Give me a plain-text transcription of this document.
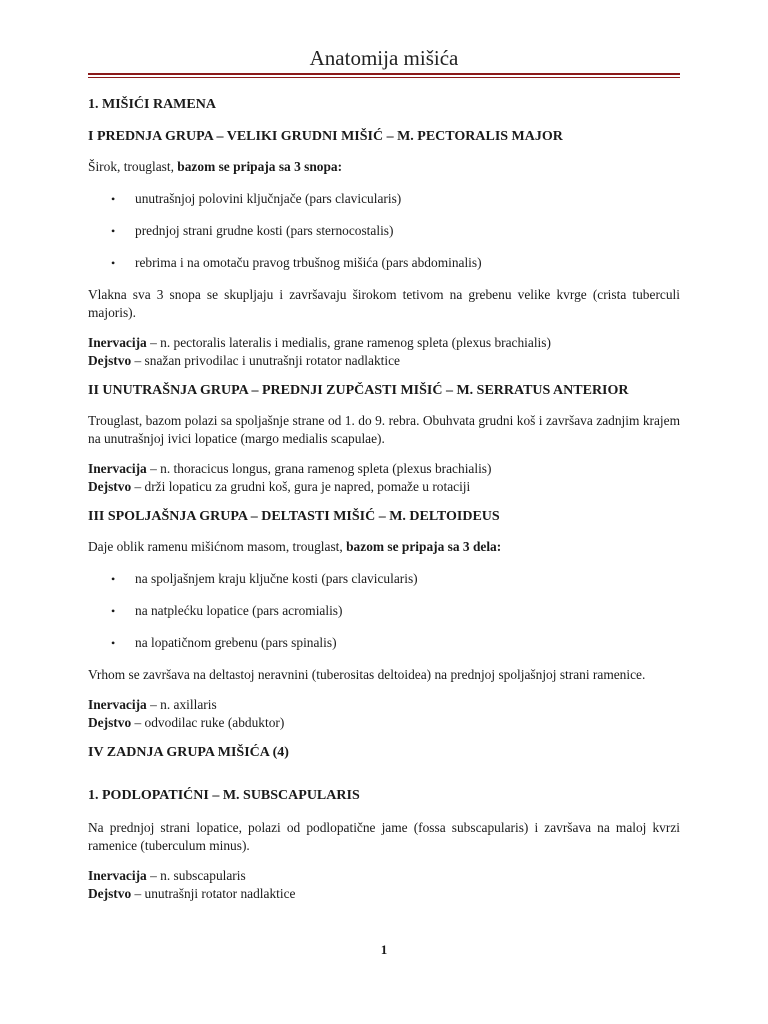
Anatomija mišića
1. MIŠIĆI RAMENA
I PREDNJA GRUPA – VELIKI GRUDNI MIŠIĆ – M. PECTORALIS MAJOR

Širok, trouglast, bazom se pripaja sa 3 snopa:

• unutrašnjoj polovini ključnjače (pars clavicularis)
• prednjoj strani grudne kosti (pars sternocostalis)
• rebrima i na omotaču pravog trbušnog mišića (pars abdominalis)

Vlakna sva 3 snopa se skupljaju i završavaju širokom tetivom na grebenu velike kvrge (crista tuberculi majoris).

Inervacija – n. pectoralis lateralis i medialis, grane ramenog spleta (plexus brachialis)

Dejstvo – snažan privodilac i unutrašnji rotator nadlaktice

II UNUTRAŠNJA GRUPA – PREDNJI ZUPČASTI MIŠIĆ – M. SERRATUS ANTERIOR

Trouglast, bazom polazi sa spoljašnje strane od 1. do 9. rebra. Obuhvata grudni koš i završava zadnjim krajem na unutrašnjoj ivici lopatice (margo medialis scapulae).

Inervacija – n. thoracicus longus, grana ramenog spleta (plexus brachialis)

Dejstvo – drži lopaticu za grudni koš, gura je napred, pomaže u rotaciji

III SPOLJAŠNJA GRUPA – DELTASTI MIŠIĆ – M. DELTOIDEUS

Daje oblik ramenu mišićnom masom, trouglast, bazom se pripaja sa 3 dela:

• na spoljašnjem kraju ključne kosti (pars clavicularis)
• na natplećku lopatice (pars acromialis)
• na lopatičnom grebenu (pars spinalis)

Vrhom se završava na deltastoj neravnini (tuberositas deltoidea) na prednjoj spoljašnjoj strani ramenice.

Inervacija – n. axillaris

Dejstvo – odvodilac ruke (abduktor)

IV ZADNJA GRUPA MIŠIĆA (4)
1. PODLOPATIĆNI – M. SUBSCAPULARIS

Na prednjoj strani lopatice, polazi od podlopatične jame (fossa subscapularis) i završava na maloj kvrzi ramenice (tuberculum minus).

Inervacija – n. subscapularis

Dejstvo – unutrašnji rotator nadlaktice

1
